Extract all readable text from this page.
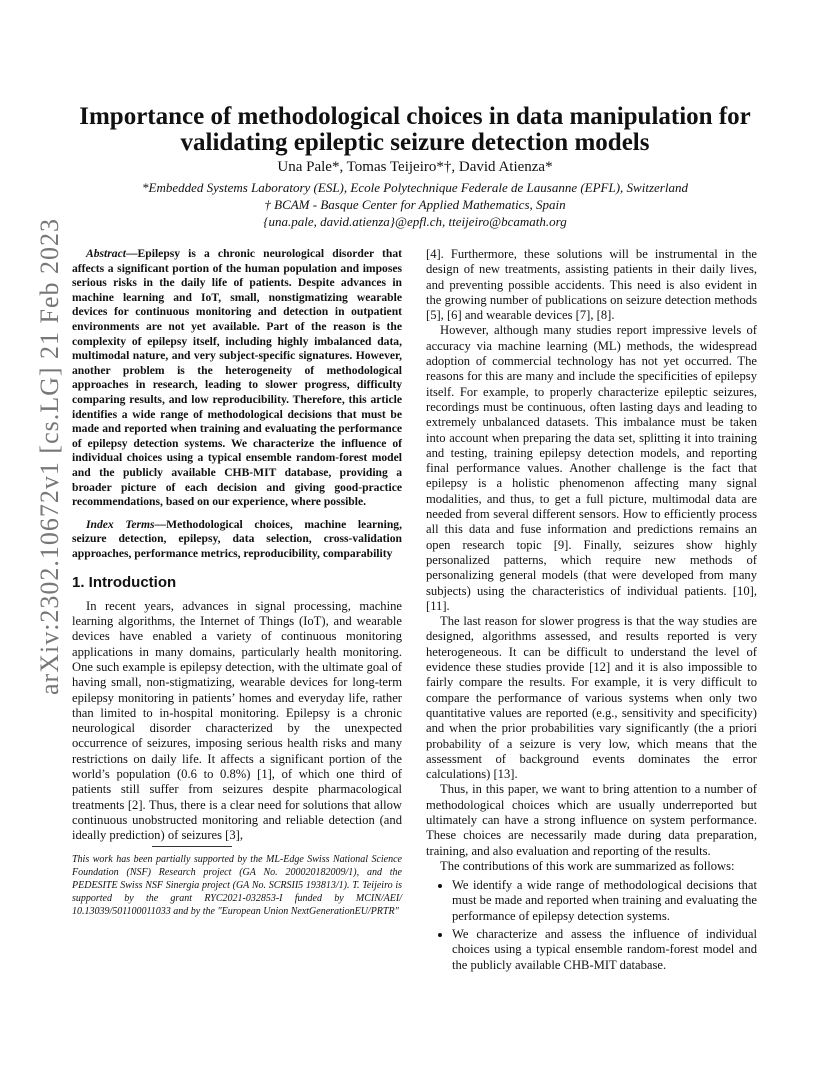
arXiv:2302.10672v1 [cs.LG] 21 Feb 2023
Importance of methodological choices in data manipulation for validating epileptic seizure detection models
Una Pale*, Tomas Teijeiro*†, David Atienza*
*Embedded Systems Laboratory (ESL), Ecole Polytechnique Federale de Lausanne (EPFL), Switzerland
† BCAM - Basque Center for Applied Mathematics, Spain
{una.pale, david.atienza}@epfl.ch, tteijeiro@bcamath.org

Abstract—Epilepsy is a chronic neurological disorder that affects a significant portion of the human population and imposes serious risks in the daily life of patients. Despite advances in machine learning and IoT, small, nonstigmatizing wearable devices for continuous monitoring and detection in outpatient environments are not yet available. Part of the reason is the complexity of epilepsy itself, including highly imbalanced data, multimodal nature, and very subject-specific signatures. However, another problem is the heterogeneity of methodological approaches in research, leading to slower progress, difficulty comparing results, and low reproducibility. Therefore, this article identifies a wide range of methodological decisions that must be made and reported when training and evaluating the performance of epilepsy detection systems. We characterize the influence of individual choices using a typical ensemble random-forest model and the publicly available CHB-MIT database, providing a broader picture of each decision and giving good-practice recommendations, based on our experience, where possible.

Index Terms—Methodological choices, machine learning, seizure detection, epilepsy, data selection, cross-validation approaches, performance metrics, reproducibility, comparability

1. Introduction

In recent years, advances in signal processing, machine learning algorithms, the Internet of Things (IoT), and wearable devices have enabled a variety of continuous monitoring applications in many domains, particularly health monitoring. One such example is epilepsy detection, with the ultimate goal of having small, non-stigmatizing, wearable devices for long-term epilepsy monitoring in patients’ homes and everyday life, rather than limited to in-hospital monitoring. Epilepsy is a chronic neurological disorder characterized by the unexpected occurrence of seizures, imposing serious health risks and many restrictions on daily life. It affects a significant portion of the world’s population (0.6 to 0.8%) [1], of which one third of patients still suffer from seizures despite pharmacological treatments [2]. Thus, there is a clear need for solutions that allow continuous unobstructed monitoring and reliable detection (and ideally prediction) of seizures [3],

This work has been partially supported by the ML-Edge Swiss National Science Foundation (NSF) Research project (GA No. 200020182009/1), and the PEDESITE Swiss NSF Sinergia project (GA No. SCRSII5 193813/1). T. Teijeiro is supported by the grant RYC2021-032853-I funded by MCIN/AEI/ 10.13039/501100011033 and by the "European Union NextGenerationEU/PRTR"

[4]. Furthermore, these solutions will be instrumental in the design of new treatments, assisting patients in their daily lives, and preventing possible accidents. This need is also evident in the growing number of publications on seizure detection methods [5], [6] and wearable devices [7], [8].

However, although many studies report impressive levels of accuracy via machine learning (ML) methods, the widespread adoption of commercial technology has not yet occurred. The reasons for this are many and include the specificities of epilepsy itself. For example, to properly characterize epileptic seizures, recordings must be continuous, often lasting days and leading to extremely unbalanced datasets. This imbalance must be taken into account when preparing the data set, splitting it into training and testing, training epilepsy detection models, and reporting final performance values. Another challenge is the fact that epilepsy is a holistic phenomenon affecting many signal modalities, and thus, to get a full picture, multimodal data are needed from several different sensors. How to efficiently process all this data and fuse information and predictions remains an open research topic [9]. Finally, seizures show highly personalized patterns, which require new methods of personalizing general models (that were developed from many subjects) using the characteristics of individual patients. [10], [11].

The last reason for slower progress is that the way studies are designed, algorithms assessed, and results reported is very heterogeneous. It can be difficult to understand the level of evidence these studies provide [12] and it is also impossible to fairly compare the results. For example, it is very difficult to compare the performance of various systems when only two quantitative values are reported (e.g., sensitivity and specificity) and when the prior probabilities vary significantly (the a priori probability of a seizure is very low, which means that the assessment of background events dominates the error calculations) [13].

Thus, in this paper, we want to bring attention to a number of methodological choices which are usually underreported but ultimately can have a strong influence on system performance. These choices are necessarily made during data preparation, training, and also evaluation and reporting of the results.

The contributions of this work are summarized as follows:

• We identify a wide range of methodological decisions that must be made and reported when training and evaluating the performance of epilepsy detection systems.
• We characterize and assess the influence of individual choices using a typical ensemble random-forest model and the publicly available CHB-MIT database.
